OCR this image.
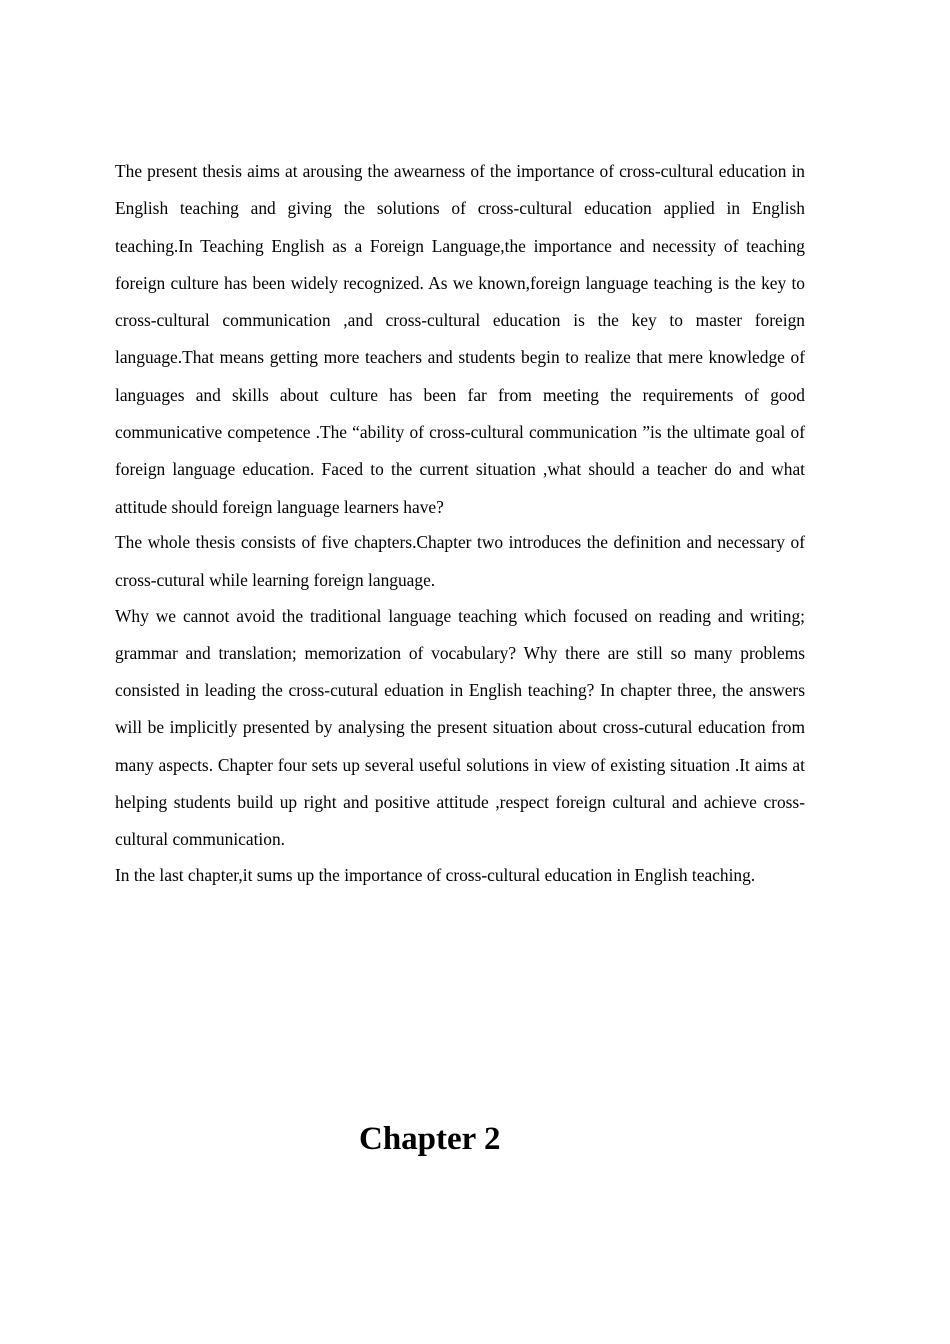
The present thesis aims at arousing the awearness of the importance of cross-cultural education in English teaching and giving the solutions of cross-cultural education applied in English teaching.In Teaching English as a Foreign Language,the importance and necessity of teaching foreign culture has been widely recognized. As we known,foreign language teaching is the key to cross-cultural communication ,and cross-cultural education is the key to master foreign language.That means getting more teachers and students begin to realize that mere knowledge of languages and skills about culture has been far from meeting the requirements of good communicative competence .The “ability of cross-cultural communication ”is the ultimate goal of foreign language education. Faced to the current situation ,what should a teacher do and what attitude should foreign language learners have?

The whole thesis consists of five chapters.Chapter two introduces the definition and necessary of cross-cutural while learning foreign language.

Why we cannot avoid the traditional language teaching which focused on reading and writing; grammar and translation; memorization of vocabulary? Why there are still so many problems consisted in leading the cross-cutural eduation in English teaching? In chapter three, the answers will be implicitly presented by analysing the present situation about cross-cutural education from many aspects. Chapter four sets up several useful solutions in view of existing situation .It aims at helping students build up right and positive attitude ,respect foreign cultural and achieve cross-cultural communication.

In the last chapter,it sums up the importance of cross-cultural education in English teaching.

Chapter 2
